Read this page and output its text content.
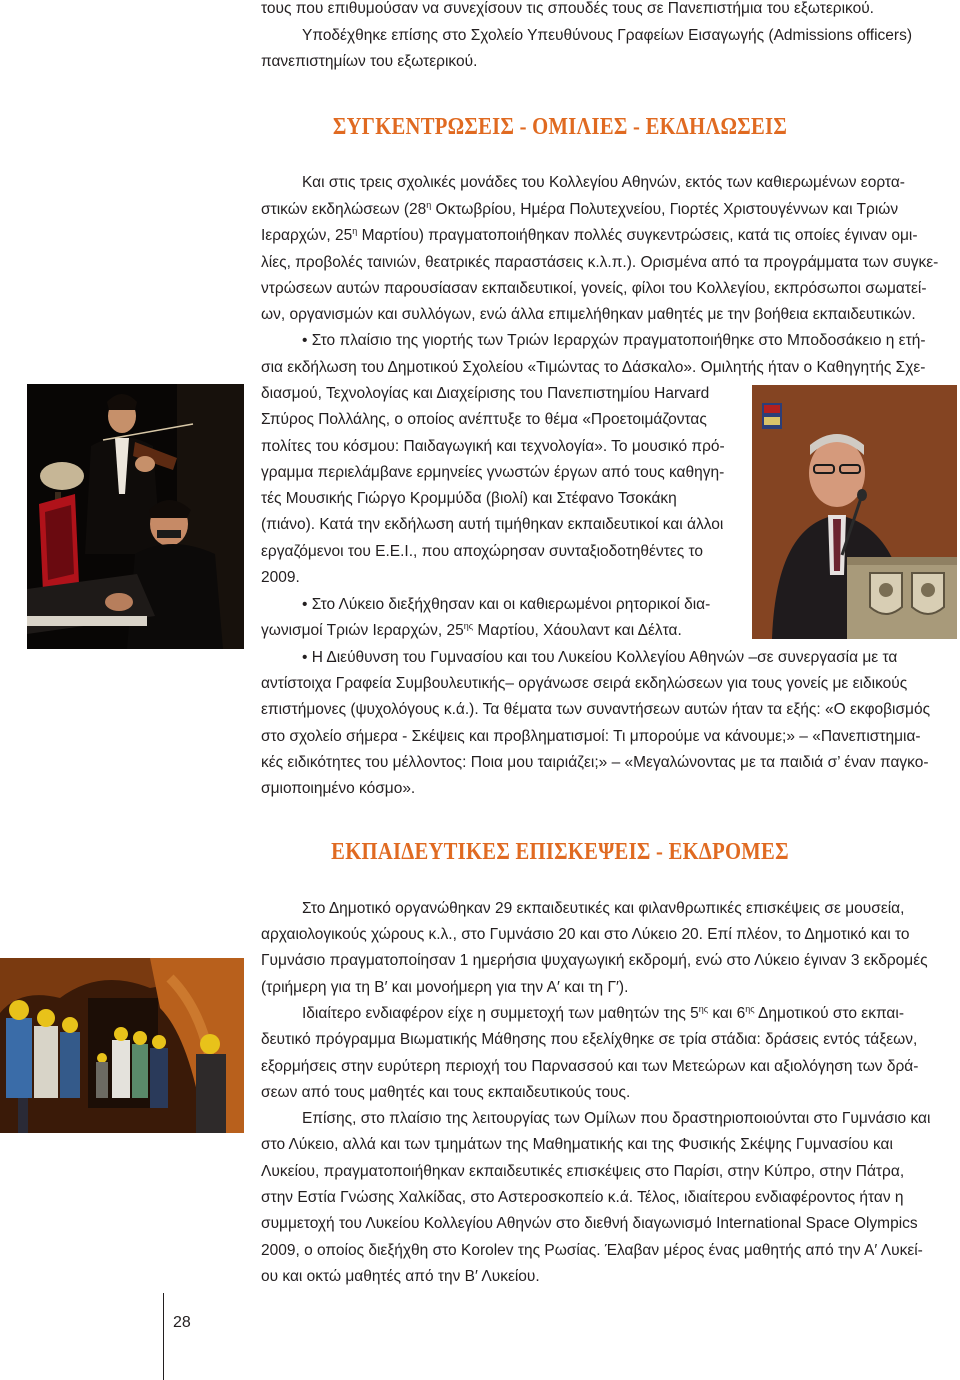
τους που επιθυμούσαν να συνεχίσουν τις σπουδές τους σε Πανεπιστήμια του εξωτερικού.
Υποδέχθηκε επίσης στο Σχολείο Υπευθύνους Γραφείων Εισαγωγής (Admissions officers)
πανεπιστημίων του εξωτερικού.
ΣΥΓΚΕΝΤΡΩΣΕΙΣ - ΟΜΙΛΙΕΣ - ΕΚΔΗΛΩΣΕΙΣ
Και στις τρεις σχολικές μονάδες του Κολλεγίου Αθηνών, εκτός των καθιερωμένων εορτα-
στικών εκδηλώσεων ($28^\eta$ Οκτωβρίου, Ημέρα Πολυτεχνείου, Γιορτές Χριστουγέννων και Τριών
Ιεραρχών, $25^\eta$ Μαρτίου) πραγματοποιήθηκαν πολλές συγκεντρώσεις, κατά τις οποίες έγιναν ομι-
λίες, προβολές ταινιών, θεατρικές παραστάσεις κ.λ.π.). Ορισμένα από τα προγράμματα των συγκε-
ντρώσεων αυτών παρουσίασαν εκπαιδευτικοί, γονείς, φίλοι του Κολλεγίου, εκπρόσωποι σωματεί-
ων, οργανισμών και συλλόγων, ενώ άλλα επιμελήθηκαν μαθητές με την βοήθεια εκπαιδευτικών.
• Στο πλαίσιο της γιορτής των Τριών Ιεραρχών πραγματοποιήθηκε στο Μποδοσάκειο η ετή-
σια εκδήλωση του Δημοτικού Σχολείου «Τιμώντας το Δάσκαλο». Ομιλητής ήταν ο Καθηγητής Σχε-
διασμού, Τεχνολογίας και Διαχείρισης του Πανεπιστημίου Harvard
Σπύρος Πολλάλης, ο οποίος ανέπτυξε το θέμα «Προετοιμάζοντας
πολίτες του κόσμου: Παιδαγωγική και τεχνολογία». Το μουσικό πρό-
γραμμα περιελάμβανε ερμηνείες γνωστών έργων από τους καθηγη-
τές Μουσικής Γιώργο Κρομμύδα (βιολί) και Στέφανο Τσοκάκη
(πιάνο). Κατά την εκδήλωση αυτή τιμήθηκαν εκπαιδευτικοί και άλλοι
εργαζόμενοι του Ε.Ε.Ι., που αποχώρησαν συνταξιοδοτηθέντες το
2009.
• Στο Λύκειο διεξήχθησαν και οι καθιερωμένοι ρητορικοί δια-
γωνισμοί Τριών Ιεραρχών, $25^{\eta\varsigma}$ Μαρτίου, Χάουλαντ και Δέλτα.
• Η Διεύθυνση του Γυμνασίου και του Λυκείου Κολλεγίου Αθηνών –σε συνεργασία με τα
αντίστοιχα Γραφεία Συμβουλευτικής– οργάνωσε σειρά εκδηλώσεων για τους γονείς με ειδικούς
επιστήμονες (ψυχολόγους κ.ά.). Τα θέματα των συναντήσεων αυτών ήταν τα εξής: «Ο εκφοβισμός
στο σχολείο σήμερα - Σκέψεις και προβληματισμοί: Τι μπορούμε να κάνουμε;» – «Πανεπιστημια-
κές ειδικότητες του μέλλοντος: Ποια μου ταιριάζει;» – «Μεγαλώνοντας με τα παιδιά σ’ έναν παγκο-
σμιοποιημένο κόσμο».
ΕΚΠΑΙΔΕΥΤΙΚΕΣ ΕΠΙΣΚΕΨΕΙΣ - ΕΚΔΡΟΜΕΣ
Στο Δημοτικό οργανώθηκαν 29 εκπαιδευτικές και φιλανθρωπικές επισκέψεις σε μουσεία,
αρχαιολογικούς χώρους κ.λ., στο Γυμνάσιο 20 και στο Λύκειο 20. Επί πλέον, το Δημοτικό και το
Γυμνάσιο πραγματοποίησαν 1 ημερήσια ψυχαγωγική εκδρομή, ενώ στο Λύκειο έγιναν 3 εκδρομές
(τριήμερη για τη Β′ και μονοήμερη για την Α′ και τη Γ′).
Ιδιαίτερο ενδιαφέρον είχε η συμμετοχή των μαθητών της $5^{\eta\varsigma}$ και $6^{\eta\varsigma}$ Δημοτικού στο εκπαι-
δευτικό πρόγραμμα Βιωματικής Μάθησης που εξελίχθηκε σε τρία στάδια: δράσεις εντός τάξεων,
εξορμήσεις στην ευρύτερη περιοχή του Παρνασσού και των Μετεώρων και αξιολόγηση των δρά-
σεων από τους μαθητές και τους εκπαιδευτικούς τους.
Επίσης, στο πλαίσιο της λειτουργίας των Ομίλων που δραστηριοποιούνται στο Γυμνάσιο και
στο Λύκειο, αλλά και των τμημάτων της Μαθηματικής και της Φυσικής Σκέψης Γυμνασίου και
Λυκείου, πραγματοποιήθηκαν εκπαιδευτικές επισκέψεις στο Παρίσι, στην Κύπρο, στην Πάτρα,
στην Εστία Γνώσης Χαλκίδας, στο Αστεροσκοπείο κ.ά. Τέλος, ιδιαίτερου ενδιαφέροντος ήταν η
συμμετοχή του Λυκείου Κολλεγίου Αθηνών στο διεθνή διαγωνισμό International Space Olympics
2009, ο οποίος διεξήχθη στο Korolev της Ρωσίας. Έλαβαν μέρος ένας μαθητής από την Α′ Λυκεί-
ου και οκτώ μαθητές από την Β′ Λυκείου.
28
